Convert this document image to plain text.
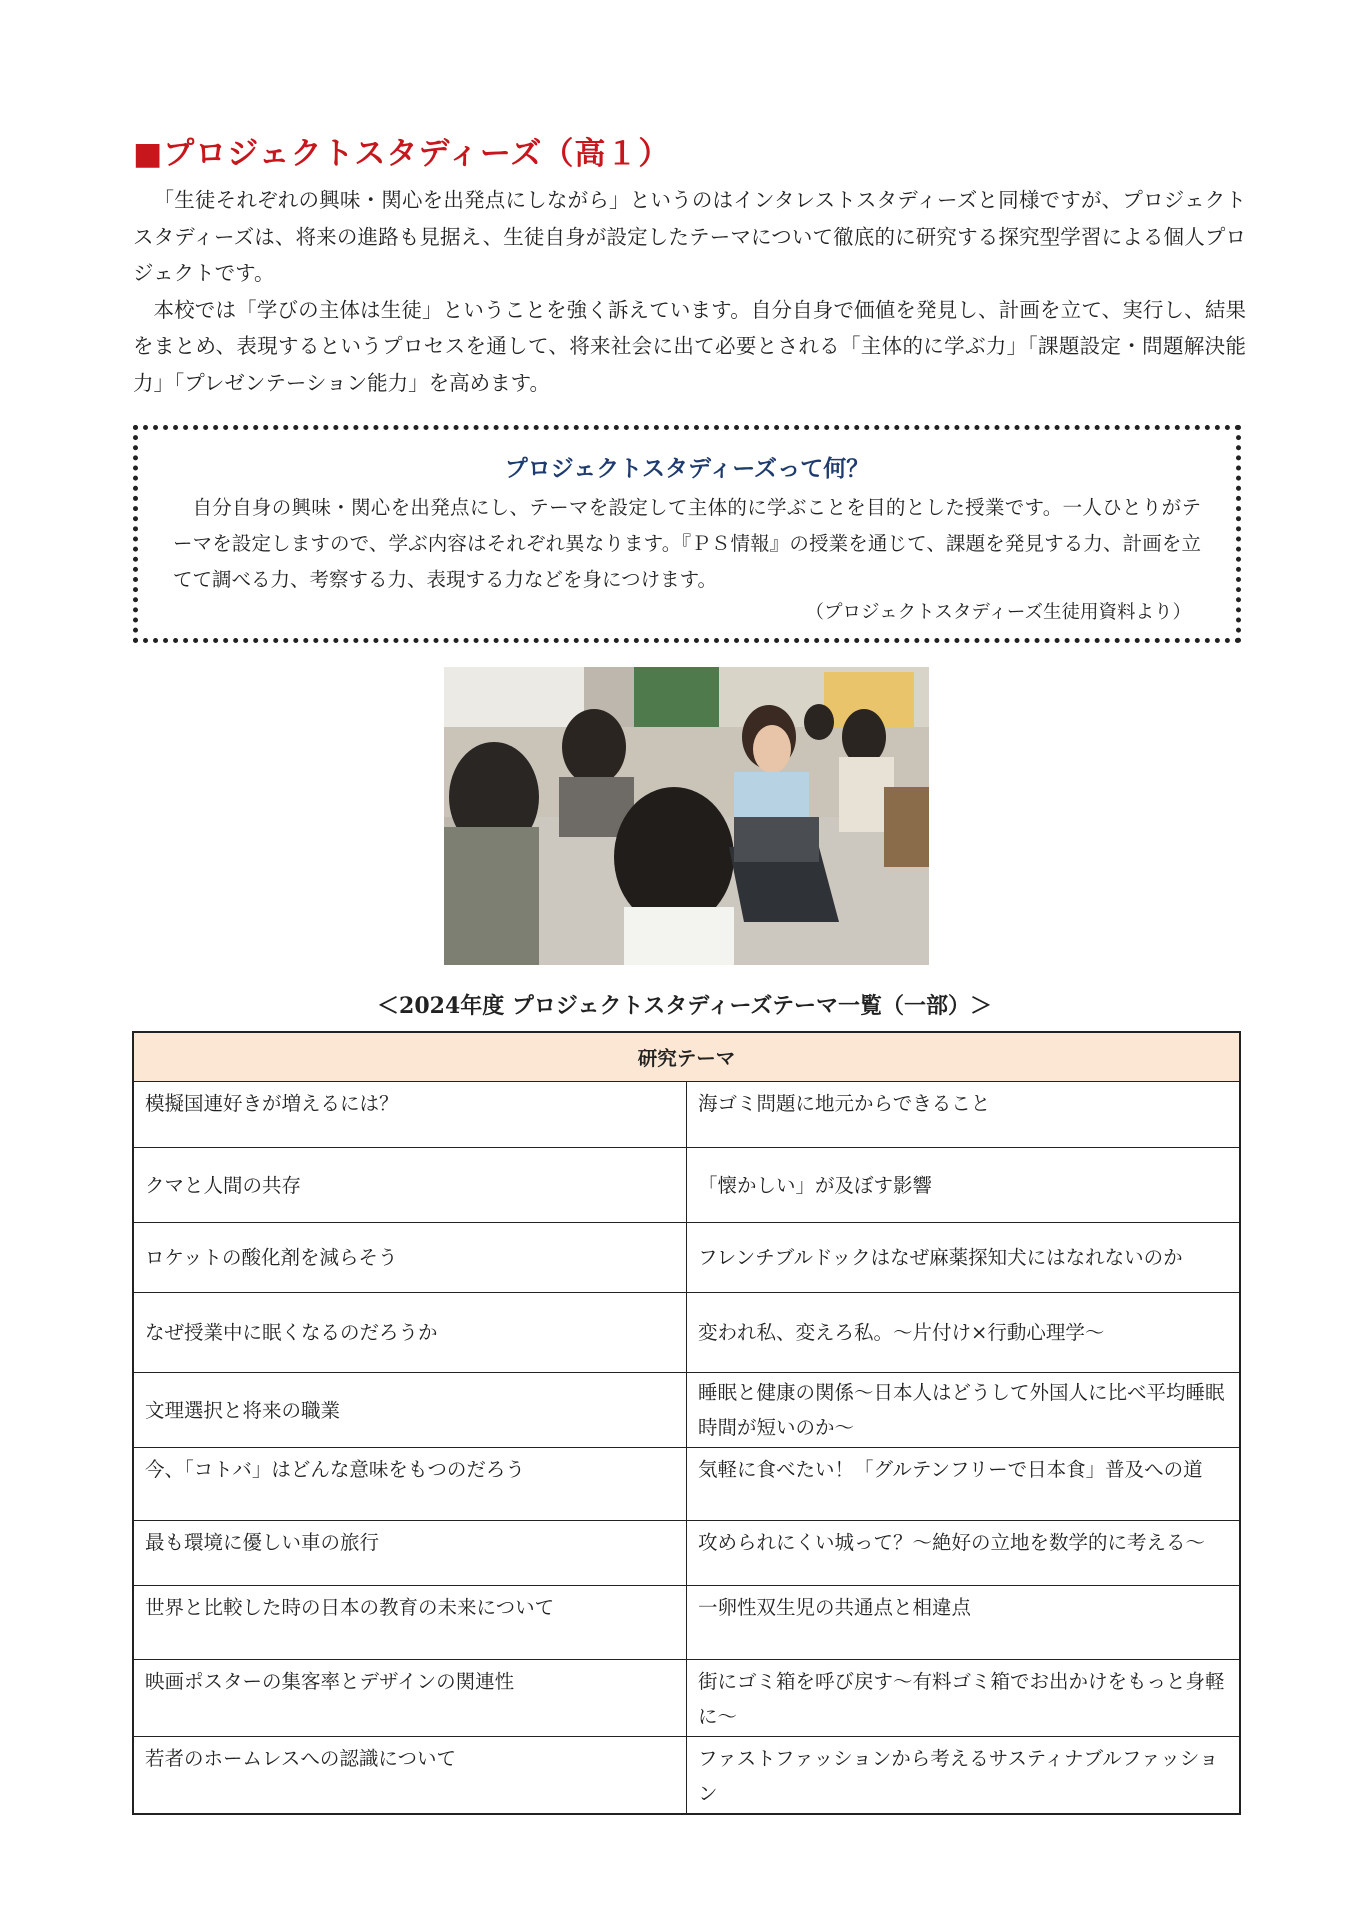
■プロジェクトスタディーズ（高１）

「生徒それぞれの興味・関心を出発点にしながら」というのはインタレストスタディーズと同様ですが、プロジェクトスタディーズは、将来の進路も見据え、生徒自身が設定したテーマについて徹底的に研究する探究型学習による個人プロジェクトです。

本校では「学びの主体は生徒」ということを強く訴えています。自分自身で価値を発見し、計画を立て、実行し、結果をまとめ、表現するというプロセスを通して、将来社会に出て必要とされる「主体的に学ぶ力」「課題設定・問題解決能力」「プレゼンテーション能力」を高めます。

プロジェクトスタディーズって何？

自分自身の興味・関心を出発点にし、テーマを設定して主体的に学ぶことを目的とした授業です。一人ひとりがテーマを設定しますので、学ぶ内容はそれぞれ異なります。『ＰＳ情報』の授業を通じて、課題を発見する力、計画を立てて調べる力、考察する力、表現する力などを身につけます。

（プロジェクトスタディーズ生徒用資料より）

＜2024年度 プロジェクトスタディーズテーマ一覧（一部）＞

研究テーマ	
模擬国連好きが増えるには？	海ゴミ問題に地元からできること
クマと人間の共存	「懐かしい」が及ぼす影響
ロケットの酸化剤を減らそう	フレンチブルドックはなぜ麻薬探知犬にはなれないのか
なぜ授業中に眠くなるのだろうか	変われ私、変えろ私。～片付け×行動心理学～
文理選択と将来の職業	睡眠と健康の関係～日本人はどうして外国人に比べ平均睡眠時間が短いのか～
今、「コトバ」はどんな意味をもつのだろう	気軽に食べたい！「グルテンフリーで日本食」普及への道
最も環境に優しい車の旅行	攻められにくい城って？～絶好の立地を数学的に考える～
世界と比較した時の日本の教育の未来について	一卵性双生児の共通点と相違点
映画ポスターの集客率とデザインの関連性	街にゴミ箱を呼び戻す～有料ゴミ箱でお出かけをもっと身軽に～
若者のホームレスへの認識について	ファストファッションから考えるサスティナブルファッション
